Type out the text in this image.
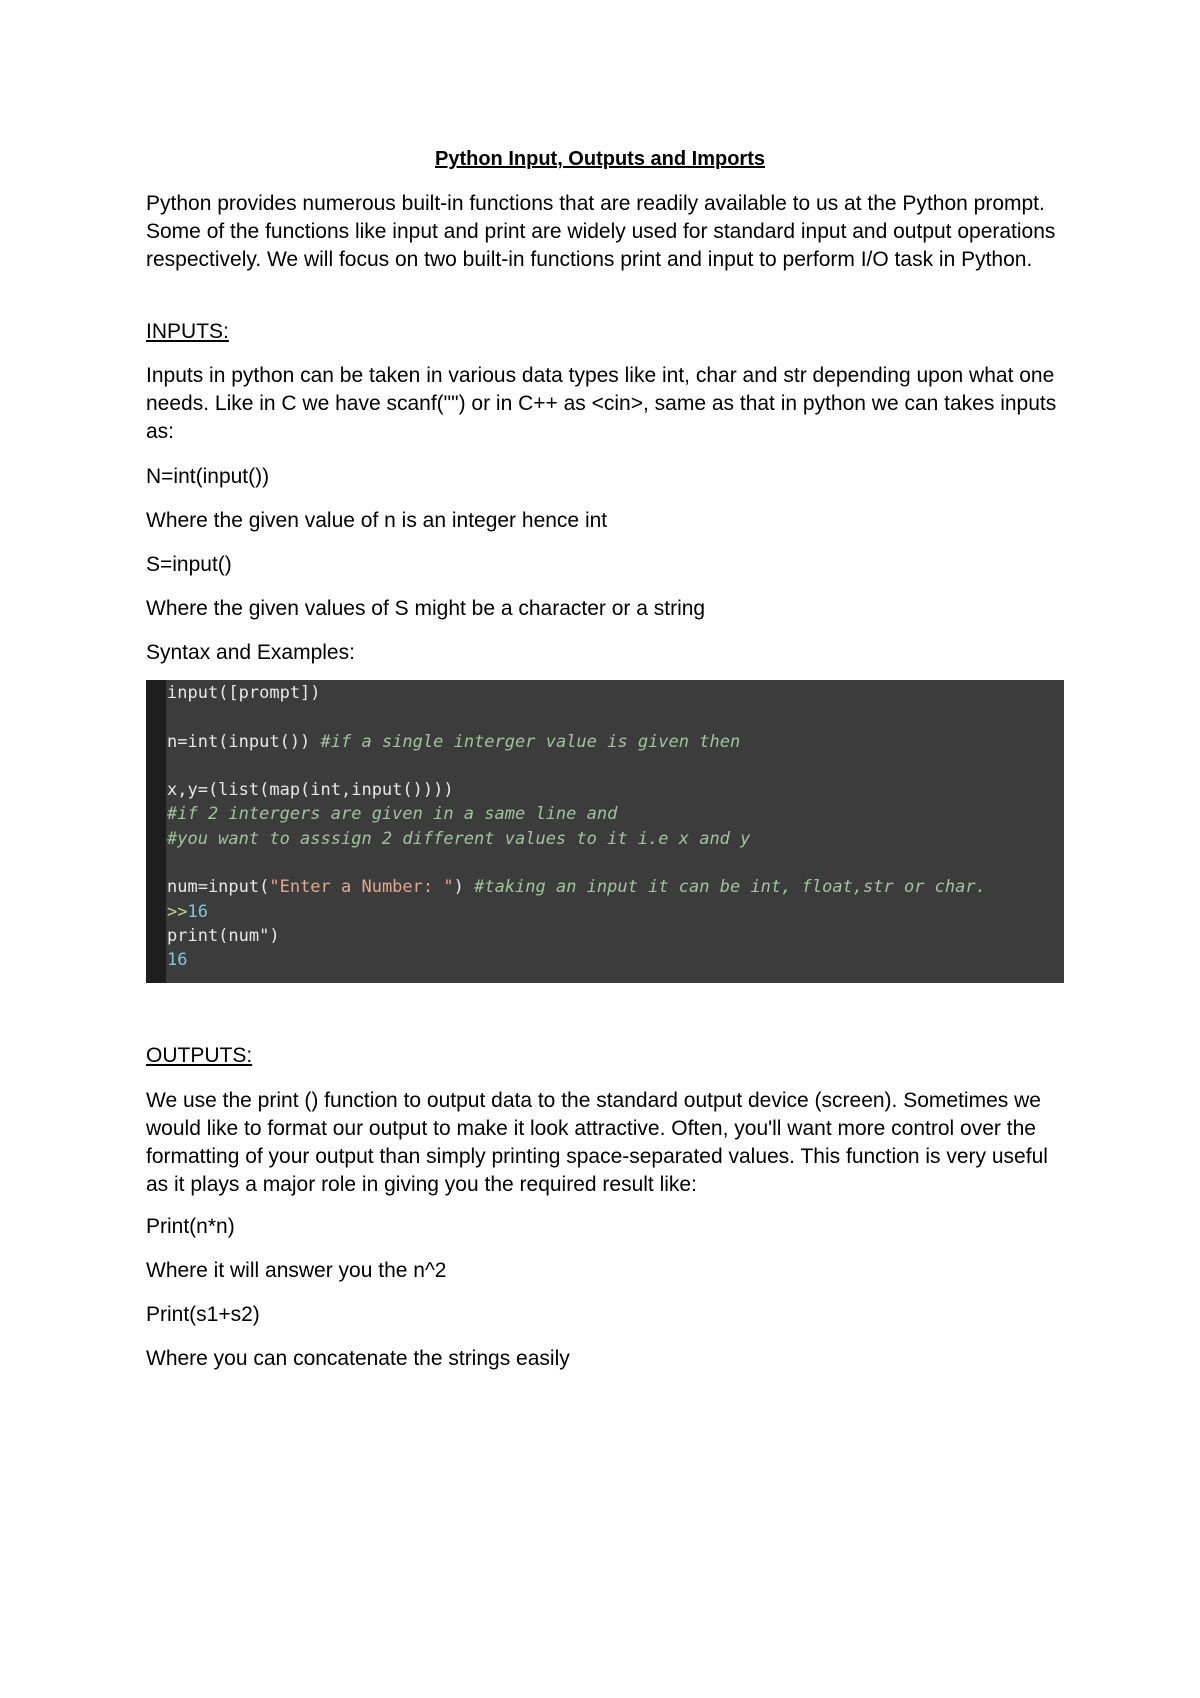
Python Input, Outputs and Imports

Python provides numerous built-in functions that are readily available to us at the Python prompt. Some of the functions like input and print are widely used for standard input and output operations respectively. We will focus on two built-in functions print and input to perform I/O task in Python.

INPUTS:

Inputs in python can be taken in various data types like int, char and str depending upon what one needs. Like in C we have scanf("") or in C++ as <cin>, same as that in python we can takes inputs as:

N=int(input())

Where the given value of n is an integer hence int

S=input()

Where the given values of S might be a character or a string

Syntax and Examples:

input([prompt])
n=int(input()) #if a single interger value is given then
x,y=(list(map(int,input())))
#if 2 intergers are given in a same line and
#you want to asssign 2 different values to it i.e x and y
num=input("Enter a Number: ") #taking an input it can be int, float,str or char.
>>16
print(num")
16

OUTPUTS:

We use the print () function to output data to the standard output device (screen). Sometimes we would like to format our output to make it look attractive. Often, you'll want more control over the formatting of your output than simply printing space-separated values. This function is very useful as it plays a major role in giving you the required result like:

Print(n*n)

Where it will answer you the n^2

Print(s1+s2)

Where you can concatenate the strings easily
